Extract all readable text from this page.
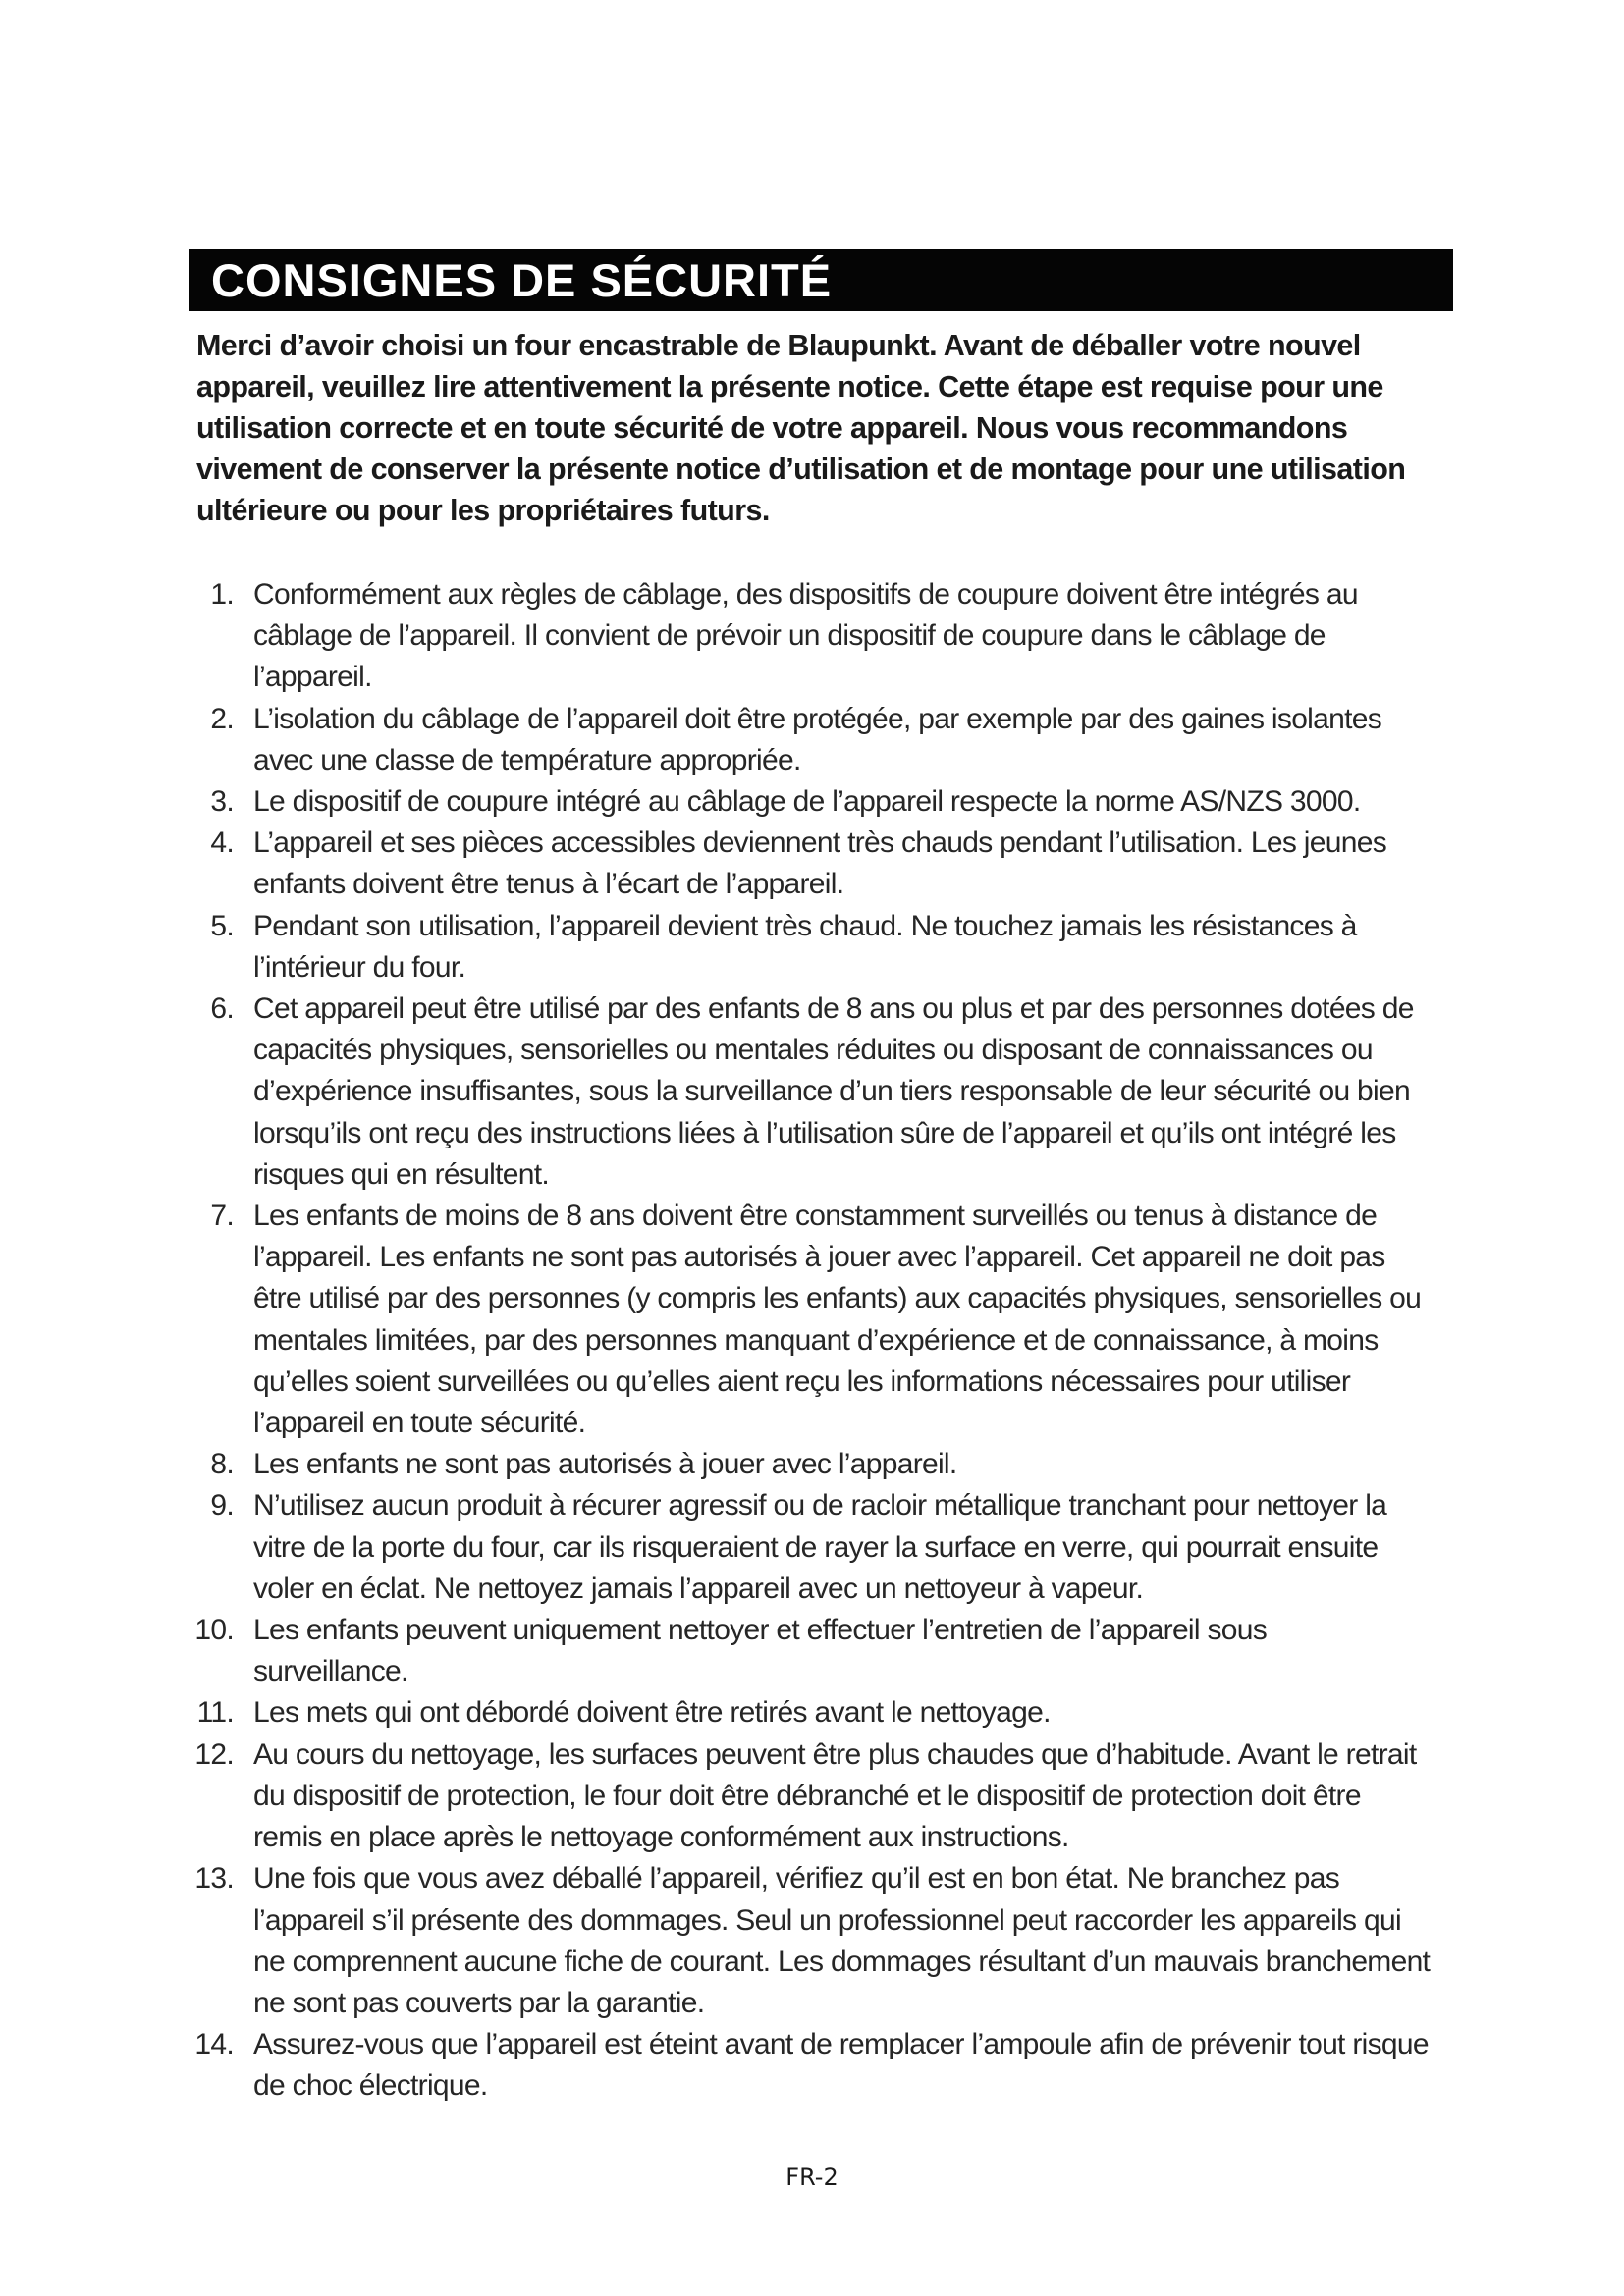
CONSIGNES DE SÉCURITÉ
Merci d’avoir choisi un four encastrable de Blaupunkt. Avant de déballer votre nouvel
appareil, veuillez lire attentivement la présente notice. Cette étape est requise pour une
utilisation correcte et en toute sécurité de votre appareil. Nous vous recommandons
vivement de conserver la présente notice d’utilisation et de montage pour une utilisation
ultérieure ou pour les propriétaires futurs.
1. Conformément aux règles de câblage, des dispositifs de coupure doivent être intégrés au
câblage de l’appareil. Il convient de prévoir un dispositif de coupure dans le câblage de
l’appareil.
2. L’isolation du câblage de l’appareil doit être protégée, par exemple par des gaines isolantes
avec une classe de température appropriée.
3. Le dispositif de coupure intégré au câblage de l’appareil respecte la norme AS/NZS 3000.
4. L’appareil et ses pièces accessibles deviennent très chauds pendant l’utilisation. Les jeunes
enfants doivent être tenus à l’écart de l’appareil.
5. Pendant son utilisation, l’appareil devient très chaud. Ne touchez jamais les résistances à
l’intérieur du four.
6. Cet appareil peut être utilisé par des enfants de 8 ans ou plus et par des personnes dotées de
capacités physiques, sensorielles ou mentales réduites ou disposant de connaissances ou
d’expérience insuffisantes, sous la surveillance d’un tiers responsable de leur sécurité ou bien
lorsqu’ils ont reçu des instructions liées à l’utilisation sûre de l’appareil et qu’ils ont intégré les
risques qui en résultent.
7. Les enfants de moins de 8 ans doivent être constamment surveillés ou tenus à distance de
l’appareil. Les enfants ne sont pas autorisés à jouer avec l’appareil. Cet appareil ne doit pas
être utilisé par des personnes (y compris les enfants) aux capacités physiques, sensorielles ou
mentales limitées, par des personnes manquant d’expérience et de connaissance, à moins
qu’elles soient surveillées ou qu’elles aient reçu les informations nécessaires pour utiliser
l’appareil en toute sécurité.
8. Les enfants ne sont pas autorisés à jouer avec l’appareil.
9. N’utilisez aucun produit à récurer agressif ou de racloir métallique tranchant pour nettoyer la
vitre de la porte du four, car ils risqueraient de rayer la surface en verre, qui pourrait ensuite
voler en éclat. Ne nettoyez jamais l’appareil avec un nettoyeur à vapeur.
10. Les enfants peuvent uniquement nettoyer et effectuer l’entretien de l’appareil sous
surveillance.
11. Les mets qui ont débordé doivent être retirés avant le nettoyage.
12. Au cours du nettoyage, les surfaces peuvent être plus chaudes que d’habitude. Avant le retrait
du dispositif de protection, le four doit être débranché et le dispositif de protection doit être
remis en place après le nettoyage conformément aux instructions.
13. Une fois que vous avez déballé l’appareil, vérifiez qu’il est en bon état. Ne branchez pas
l’appareil s’il présente des dommages. Seul un professionnel peut raccorder les appareils qui
ne comprennent aucune fiche de courant. Les dommages résultant d’un mauvais branchement
ne sont pas couverts par la garantie.
14. Assurez-vous que l’appareil est éteint avant de remplacer l’ampoule afin de prévenir tout risque
de choc électrique.
FR-2
